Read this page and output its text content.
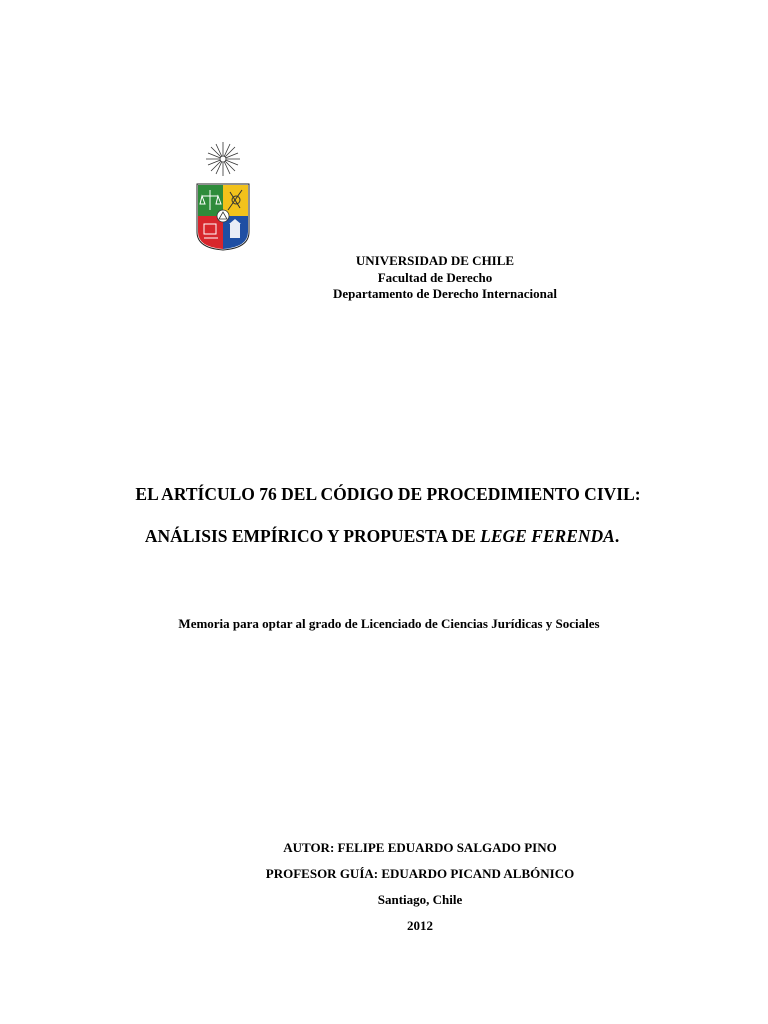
UNIVERSIDAD DE CHILE
Facultad de Derecho
Departamento de Derecho Internacional
EL ARTÍCULO 76 DEL CÓDIGO DE PROCEDIMIENTO CIVIL:
ANÁLISIS EMPÍRICO Y PROPUESTA DE LEGE FERENDA.
Memoria para optar al grado de Licenciado de Ciencias Jurídicas y Sociales
AUTOR: FELIPE EDUARDO SALGADO PINO
PROFESOR GUÍA: EDUARDO PICAND ALBÓNICO
Santiago, Chile
2012
